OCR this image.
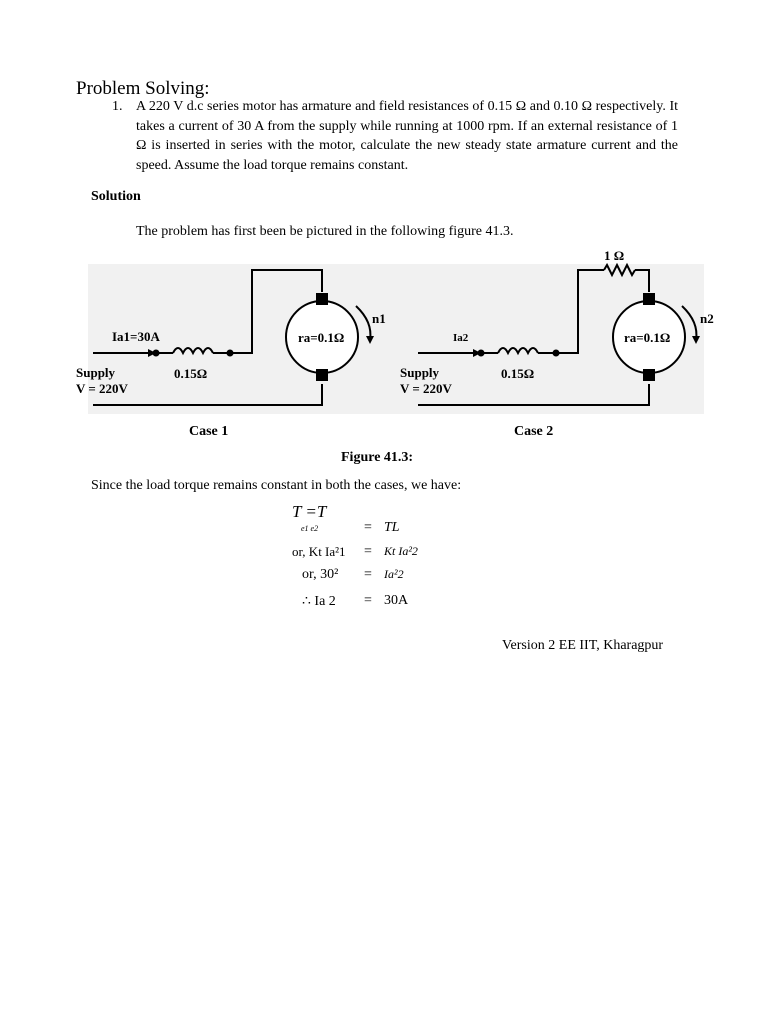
Problem Solving:
1. A 220 V d.c series motor has armature and field resistances of 0.15 Ω and 0.10 Ω respectively. It takes a current of 30 A from the supply while running at 1000 rpm. If an external resistance of 1 Ω is inserted in series with the motor, calculate the new steady state armature current and the speed. Assume the load torque remains constant.
Solution
The problem has first been be pictured in the following figure 41.3.
Ia1=30A	ra=0.1Ω
n1
0.15Ω
Supply
V = 220V
Ia2	ra=0.1Ω
n2
1 Ω
0.15Ω
Supply
V = 220V
Case 1	Case 2
Figure 41.3:
Since the load torque remains constant in both the cases, we have:
T =T
e1 e2	= TL
or, Kt Ia²1 = Kt Ia²2
or, 30² = Ia²2
∴ Ia 2 = 30A
Version 2 EE IIT, Kharagpur
